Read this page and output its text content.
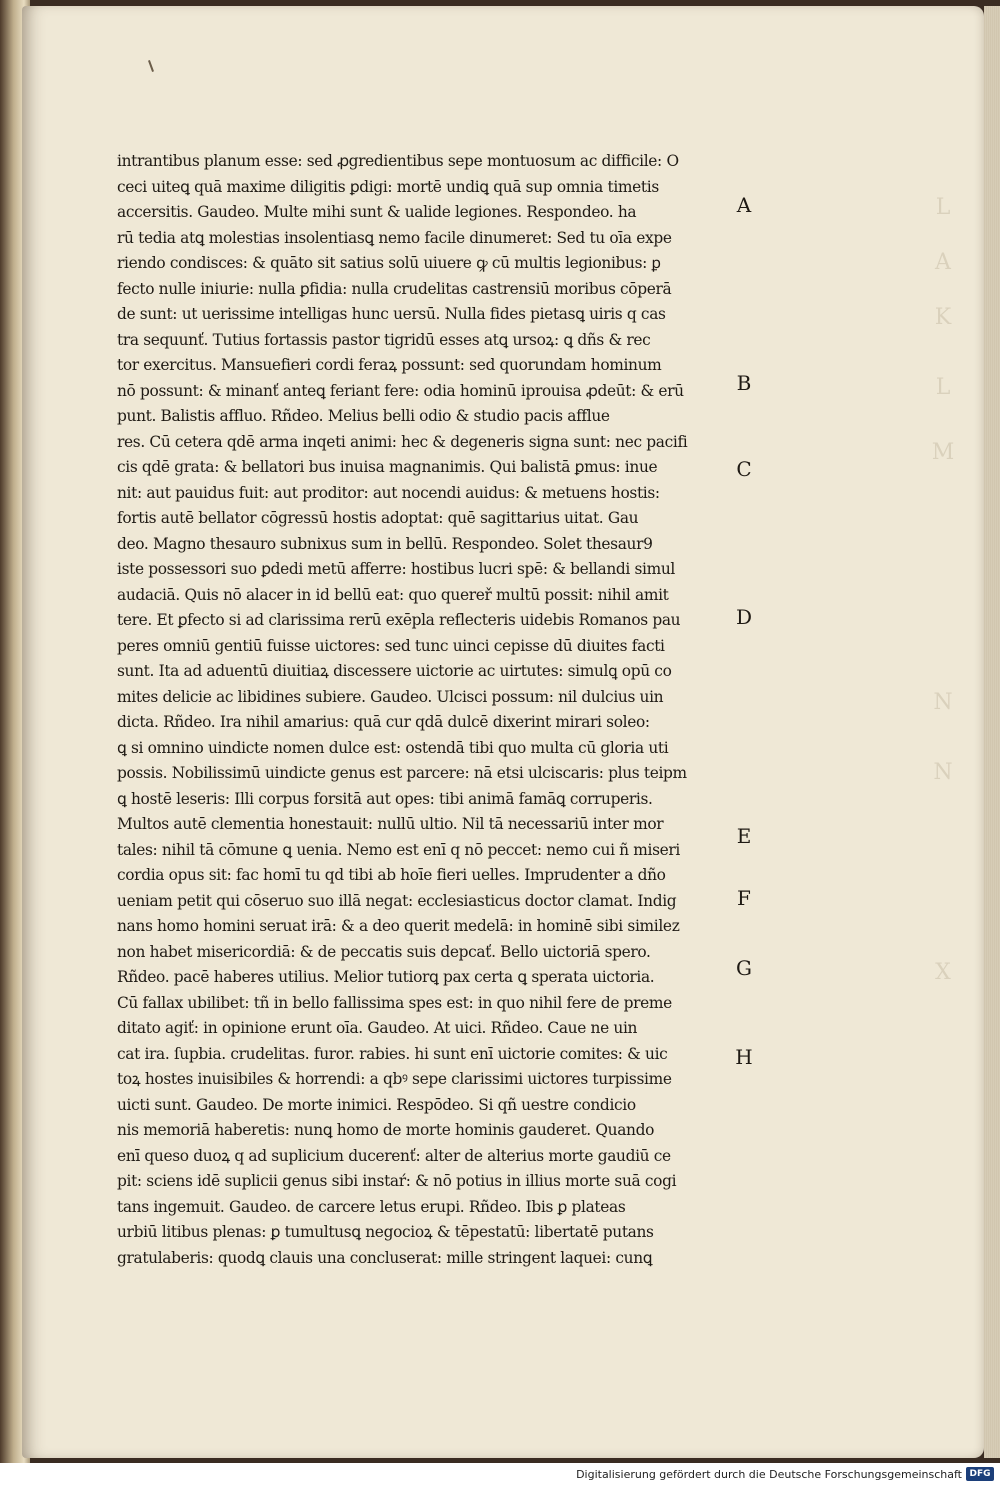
intrantibus planum esse: sed ꝓgredientibus sepe montuosum ac difficile: O
ceci uiteꝗ quā maxime diligitis ꝑdigi: mortē undiꝗ quā sup omnia timetis
accersitis. Gaudeo. Multe mihi sunt & ualide legiones. Respondeo. ha
rū tedia atꝗ molestias insolentiasꝗ nemo facile dinumeret: Sed tu oīa expe
riendo condisces: & quāto sit satius solū uiuere ꝙ cū multis legionibus: ꝑ
fecto nulle iniurie: nulla ꝑfidia: nulla crudelitas castrensiū moribus cōperā
de sunt: ut uerissime intelligas hunc uersū. Nulla fides pietasꝗ uiris q cas
tra sequunť. Tutius fortassis pastor tigridū esses atꝗ ursoꝝ: ꝗ dñs & rec
tor exercitus. Mansuefieri cordi feraꝝ possunt: sed quorundam hominum
nō possunt: & minanť anteꝗ feriant fere: odia hominū iprouisa ꝓdeūt: & erū
punt. Balistis affluo. Rñdeo. Melius belli odio & studio pacis afflue
res. Cū cetera qdē arma inqeti animi: hec & degeneris signa sunt: nec pacifi
cis qdē grata: & bellatori bus inuisa magnanimis. Qui balistā ꝑmus: inue
nit: aut pauidus fuit: aut proditor: aut nocendi auidus: & metuens hostis:
fortis autē bellator cōgressū hostis adoptat: quē sagittarius uitat. Gau
deo. Magno thesauro subnixus sum in bellū. Respondeo. Solet thesaur9
iste possessori suo ꝑdedi metū afferre: hostibus lucri spē: & bellandi simul
audaciā. Quis nō alacer in id bellū eat: quo quereř multū possit: nihil amit
tere. Et ꝑfecto si ad clarissima rerū exēpla reflecteris uidebis Romanos pau
peres omniū gentiū fuisse uictores: sed tunc uinci cepisse dū diuites facti
sunt. Ita ad aduentū diuitiaꝝ discessere uictorie ac uirtutes: simulꝗ opū co
mites delicie ac libidines subiere. Gaudeo. Ulcisci possum: nil dulcius uin
dicta. Rñdeo. Ira nihil amarius: quā cur qdā dulcē dixerint mirari soleo:
ꝗ si omnino uindicte nomen dulce est: ostendā tibi quo multa cū gloria uti
possis. Nobilissimū uindicte genus est parcere: nā etsi ulciscaris: plus teipm
ꝗ hostē leseris: Illi corpus forsitā aut opes: tibi animā famāꝗ corruperis.
Multos autē clementia honestauit: nullū ultio. Nil tā necessariū inter mor
tales: nihil tā cōmune ꝗ uenia. Nemo est enī q nō peccet: nemo cui ñ miseri
cordia opus sit: fac homī tu qd tibi ab hoīe fieri uelles. Imprudenter a dño
ueniam petit qui cōseruo suo illā negat: ecclesiasticus doctor clamat. Indig
nans homo homini seruat irā: & a deo querit medelā: in hominē sibi similez
non habet misericordiā: & de peccatis suis depcať. Bello uictoriā spero.
Rñdeo. pacē haberes utilius. Melior tutiorꝗ pax certa ꝗ sperata uictoria.
Cū fallax ubilibet: tñ in bello fallissima spes est: in quo nihil fere de preme
ditato agiť: in opinione erunt oīa. Gaudeo. At uici. Rñdeo. Caue ne uin
cat ira. ſupbia. crudelitas. furor. rabies. hi sunt enī uictorie comites: & uic
toꝝ hostes inuisibiles & horrendi: a qbꝰ sepe clarissimi uictores turpissime
uicti sunt. Gaudeo. De morte inimici. Respōdeo. Si qñ uestre condicio
nis memoriā haberetis: nunꝗ homo de morte hominis gauderet. Quando
enī queso duoꝝ q ad suplicium ducerenť: alter de alterius morte gaudiū ce
pit: sciens idē suplicii genus sibi instaŕ: & nō potius in illius morte suā cogi
tans ingemuit. Gaudeo. de carcere letus erupi. Rñdeo. Ibis ꝑ plateas
urbiū litibus plenas: ꝑ tumultusꝗ negocioꝝ & tēpestatū: libertatē putans
gratulaberis: quodꝗ clauis una concluserat: mille stringent laquei: cunꝗ
A
B
C
D
E
F
G
H
L
A
K
L
M
N
N
X
Digitalisierung gefördert durch die Deutsche Forschungsgemeinschaft DFG
